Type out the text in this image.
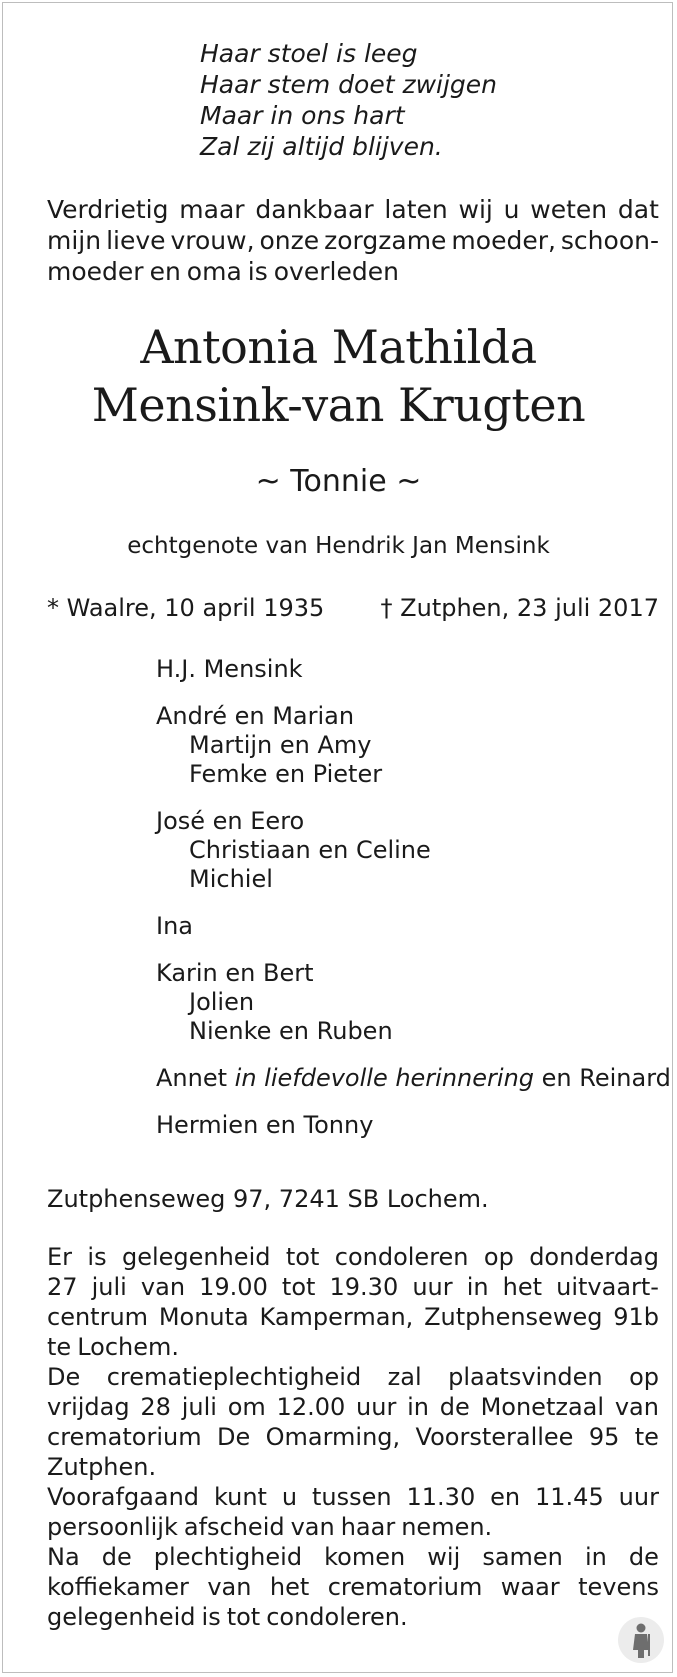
Haar stoel is leeg
Haar stem doet zwijgen
Maar in ons hart
Zal zij altijd blijven.
Verdrietig maar dankbaar laten wij u weten dat
mijn lieve vrouw, onze zorgzame moeder, schoon-
moeder en oma is overleden
Antonia Mathilda
Mensink-van Krugten
~ Tonnie ~
echtgenote van Hendrik Jan Mensink
* Waalre, 10 april 1935 † Zutphen, 23 juli 2017
H.J. Mensink
André en Marian
Martijn en Amy
Femke en Pieter
José en Eero
Christiaan en Celine
Michiel
Ina
Karin en Bert
Jolien
Nienke en Ruben
Annet in liefdevolle herinnering en Reinard
Hermien en Tonny
Zutphenseweg 97, 7241 SB Lochem.
Er is gelegenheid tot condoleren op donderdag
27 juli van 19.00 tot 19.30 uur in het uitvaart-
centrum Monuta Kamperman, Zutphenseweg 91b
te Lochem.
De crematieplechtigheid zal plaatsvinden op
vrijdag 28 juli om 12.00 uur in de Monetzaal van
crematorium De Omarming, Voorsterallee 95 te
Zutphen.
Voorafgaand kunt u tussen 11.30 en 11.45 uur
persoonlijk afscheid van haar nemen.
Na de plechtigheid komen wij samen in de
koffiekamer van het crematorium waar tevens
gelegenheid is tot condoleren.
